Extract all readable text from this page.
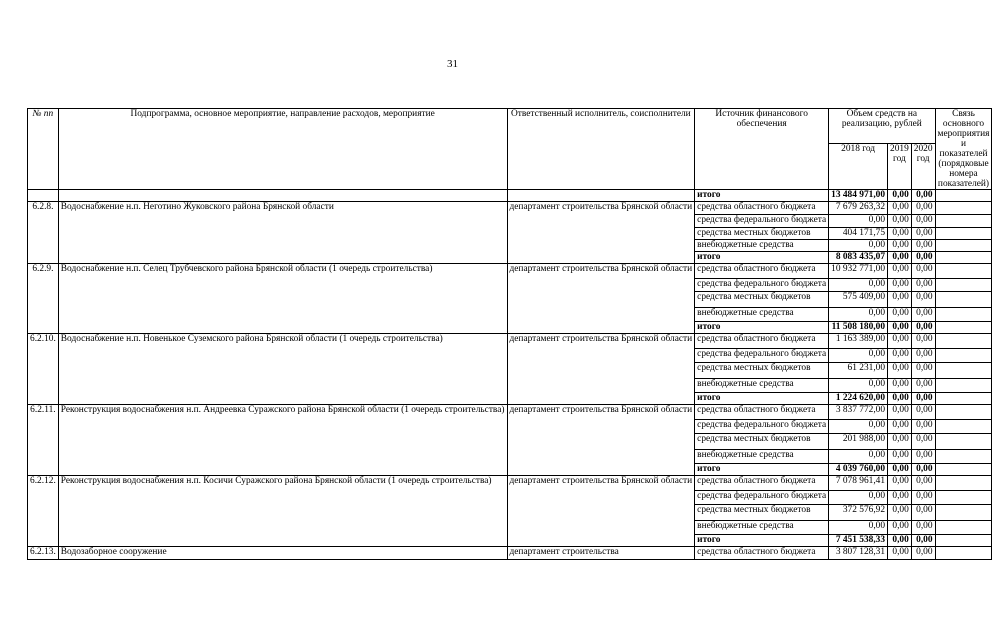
31
№ пп	Подпрограмма, основное мероприятие, направление расходов, мероприятие	Ответственный исполнитель, соисполнители	Источник финансового обеспечения	Объем средств на реализацию, рублей			Связь основного мероприятия и показателей (порядковые номера показателей)
				2018 год	2019 год	2020 год	
			итого	13 484 971,00	0,00	0,00	
6.2.8.	Водоснабжение н.п. Неготино Жуковского района Брянской области	департамент строительства Брянской области	средства областного бюджета	7 679 263,32	0,00	0,00	
			средства федерального бюджета	0,00	0,00	0,00	
			средства местных бюджетов	404 171,75	0,00	0,00	
			внебюджетные средства	0,00	0,00	0,00	
			итого	8 083 435,07	0,00	0,00	
6.2.9.	Водоснабжение н.п. Селец Трубчевского района Брянской области (1 очередь строительства)	департамент строительства Брянской области	средства областного бюджета	10 932 771,00	0,00	0,00	
			средства федерального бюджета	0,00	0,00	0,00	
			средства местных бюджетов	575 409,00	0,00	0,00	
			внебюджетные средства	0,00	0,00	0,00	
			итого	11 508 180,00	0,00	0,00	
6.2.10.	Водоснабжение н.п. Новенькое Суземского района Брянской области (1 очередь строительства)	департамент строительства Брянской области	средства областного бюджета	1 163 389,00	0,00	0,00	
			средства федерального бюджета	0,00	0,00	0,00	
			средства местных бюджетов	61 231,00	0,00	0,00	
			внебюджетные средства	0,00	0,00	0,00	
			итого	1 224 620,00	0,00	0,00	
6.2.11.	Реконструкция водоснабжения н.п. Андреевка Суражского района Брянской области (1 очередь строительства)	департамент строительства Брянской области	средства областного бюджета	3 837 772,00	0,00	0,00	
			средства федерального бюджета	0,00	0,00	0,00	
			средства местных бюджетов	201 988,00	0,00	0,00	
			внебюджетные средства	0,00	0,00	0,00	
			итого	4 039 760,00	0,00	0,00	
6.2.12.	Реконструкция водоснабжения н.п. Косичи Суражского района Брянской области (1 очередь строительства)	департамент строительства Брянской области	средства областного бюджета	7 078 961,41	0,00	0,00	
			средства федерального бюджета	0,00	0,00	0,00	
			средства местных бюджетов	372 576,92	0,00	0,00	
			внебюджетные средства	0,00	0,00	0,00	
			итого	7 451 538,33	0,00	0,00	
6.2.13.	Водозаборное сооружение	департамент строительства	средства областного бюджета	3 807 128,31	0,00	0,00	
